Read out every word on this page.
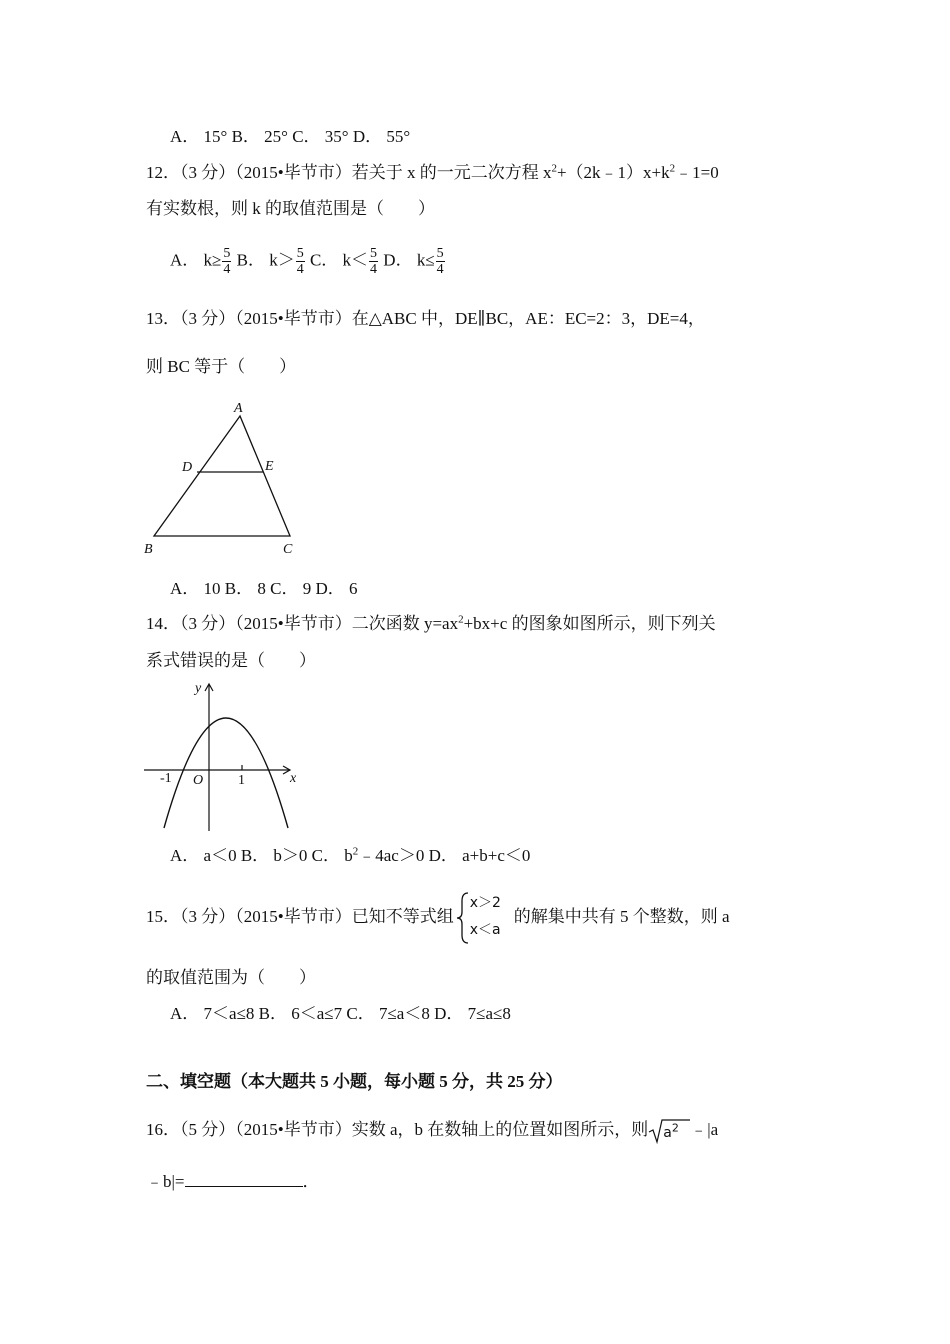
A． 15° B． 25° C． 35° D． 55°
12．（3 分）（2015•毕节市）若关于 x 的一元二次方程 $x^2+(2k﹣1)x+k^2﹣1=0$
有实数根，则 k 的取值范围是（　　）
A． $k\ge \frac{5}{4}$ B． $k> \frac{5}{4}$ C． $k< \frac{5}{4}$ D． $k\le \frac{5}{4}$
13．（3 分）（2015•毕节市）在△ABC 中，DE∥BC，AE：EC=2：3，DE=4，
则 BC 等于（　　）
A
D	E
B	C
A． 10 B． 8 C． 9 D． 6
14．（3 分）（2015•毕节市）二次函数 $y=ax^2+bx+c$ 的图象如图所示，则下列关
系式错误的是（　　）
y
x
O
-1	1
A． a＜0 B． b＞0 C． $b^2﹣4ac>0$ D． a+b+c＜0
15．（3 分）（2015•毕节市）已知不等式组
x＞2
x＜a
的解集中共有 5 个整数，则 a
的取值范围为（　　）
A． 7＜a≤8 B． 6＜a≤7 C． 7≤a＜8 D． 7≤a≤8
二、填空题（本大题共 5 小题，每小题 5 分，共 25 分）
16．（5 分）（2015•毕节市）实数 a，b 在数轴上的位置如图所示，则 $a^2$ ﹣|a
﹣b|=	．
